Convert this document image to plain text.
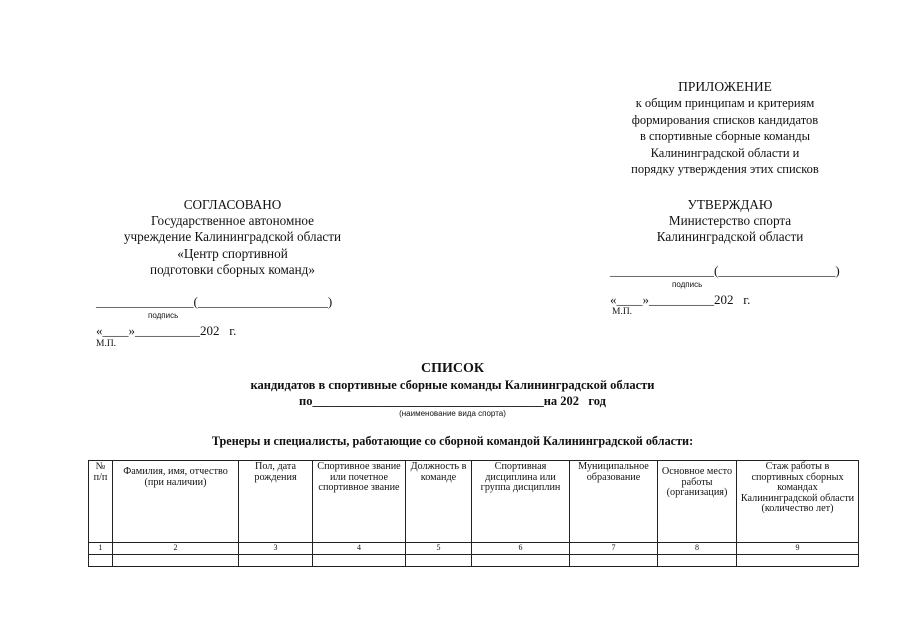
ПРИЛОЖЕНИЕ
к общим принципам и критериям
формирования списков кандидатов
в спортивные сборные команды
Калининградской области и
порядку утверждения этих списков
СОГЛАСОВАНО
Государственное автономное
учреждение Калининградской области
«Центр спортивной
подготовки сборных команд»
_______________(____________________)
подпись
«____»__________202   г.
М.П.
УТВЕРЖДАЮ
Министерство спорта
Калининградской области
________________(__________________)
подпись
«____»__________202   г.
М.П.
СПИСОК
кандидатов в спортивные сборные команды Калининградской области
по_____________________________________на 202   год
(наименование вида спорта)
Тренеры и специалисты, работающие со сборной командой Калининградской области:
№ п/п	Фамилия, имя, отчество (при наличии)	Пол, дата рождения	Спортивное звание или почетное спортивное звание	Должность в команде	Спортивная дисциплина или группа дисциплин	Муниципальное образование	Основное место работы (организация)	Стаж работы в спортивных сборных командах Калининградской области (количество лет)
1	2	3	4	5	6	7	8	9
